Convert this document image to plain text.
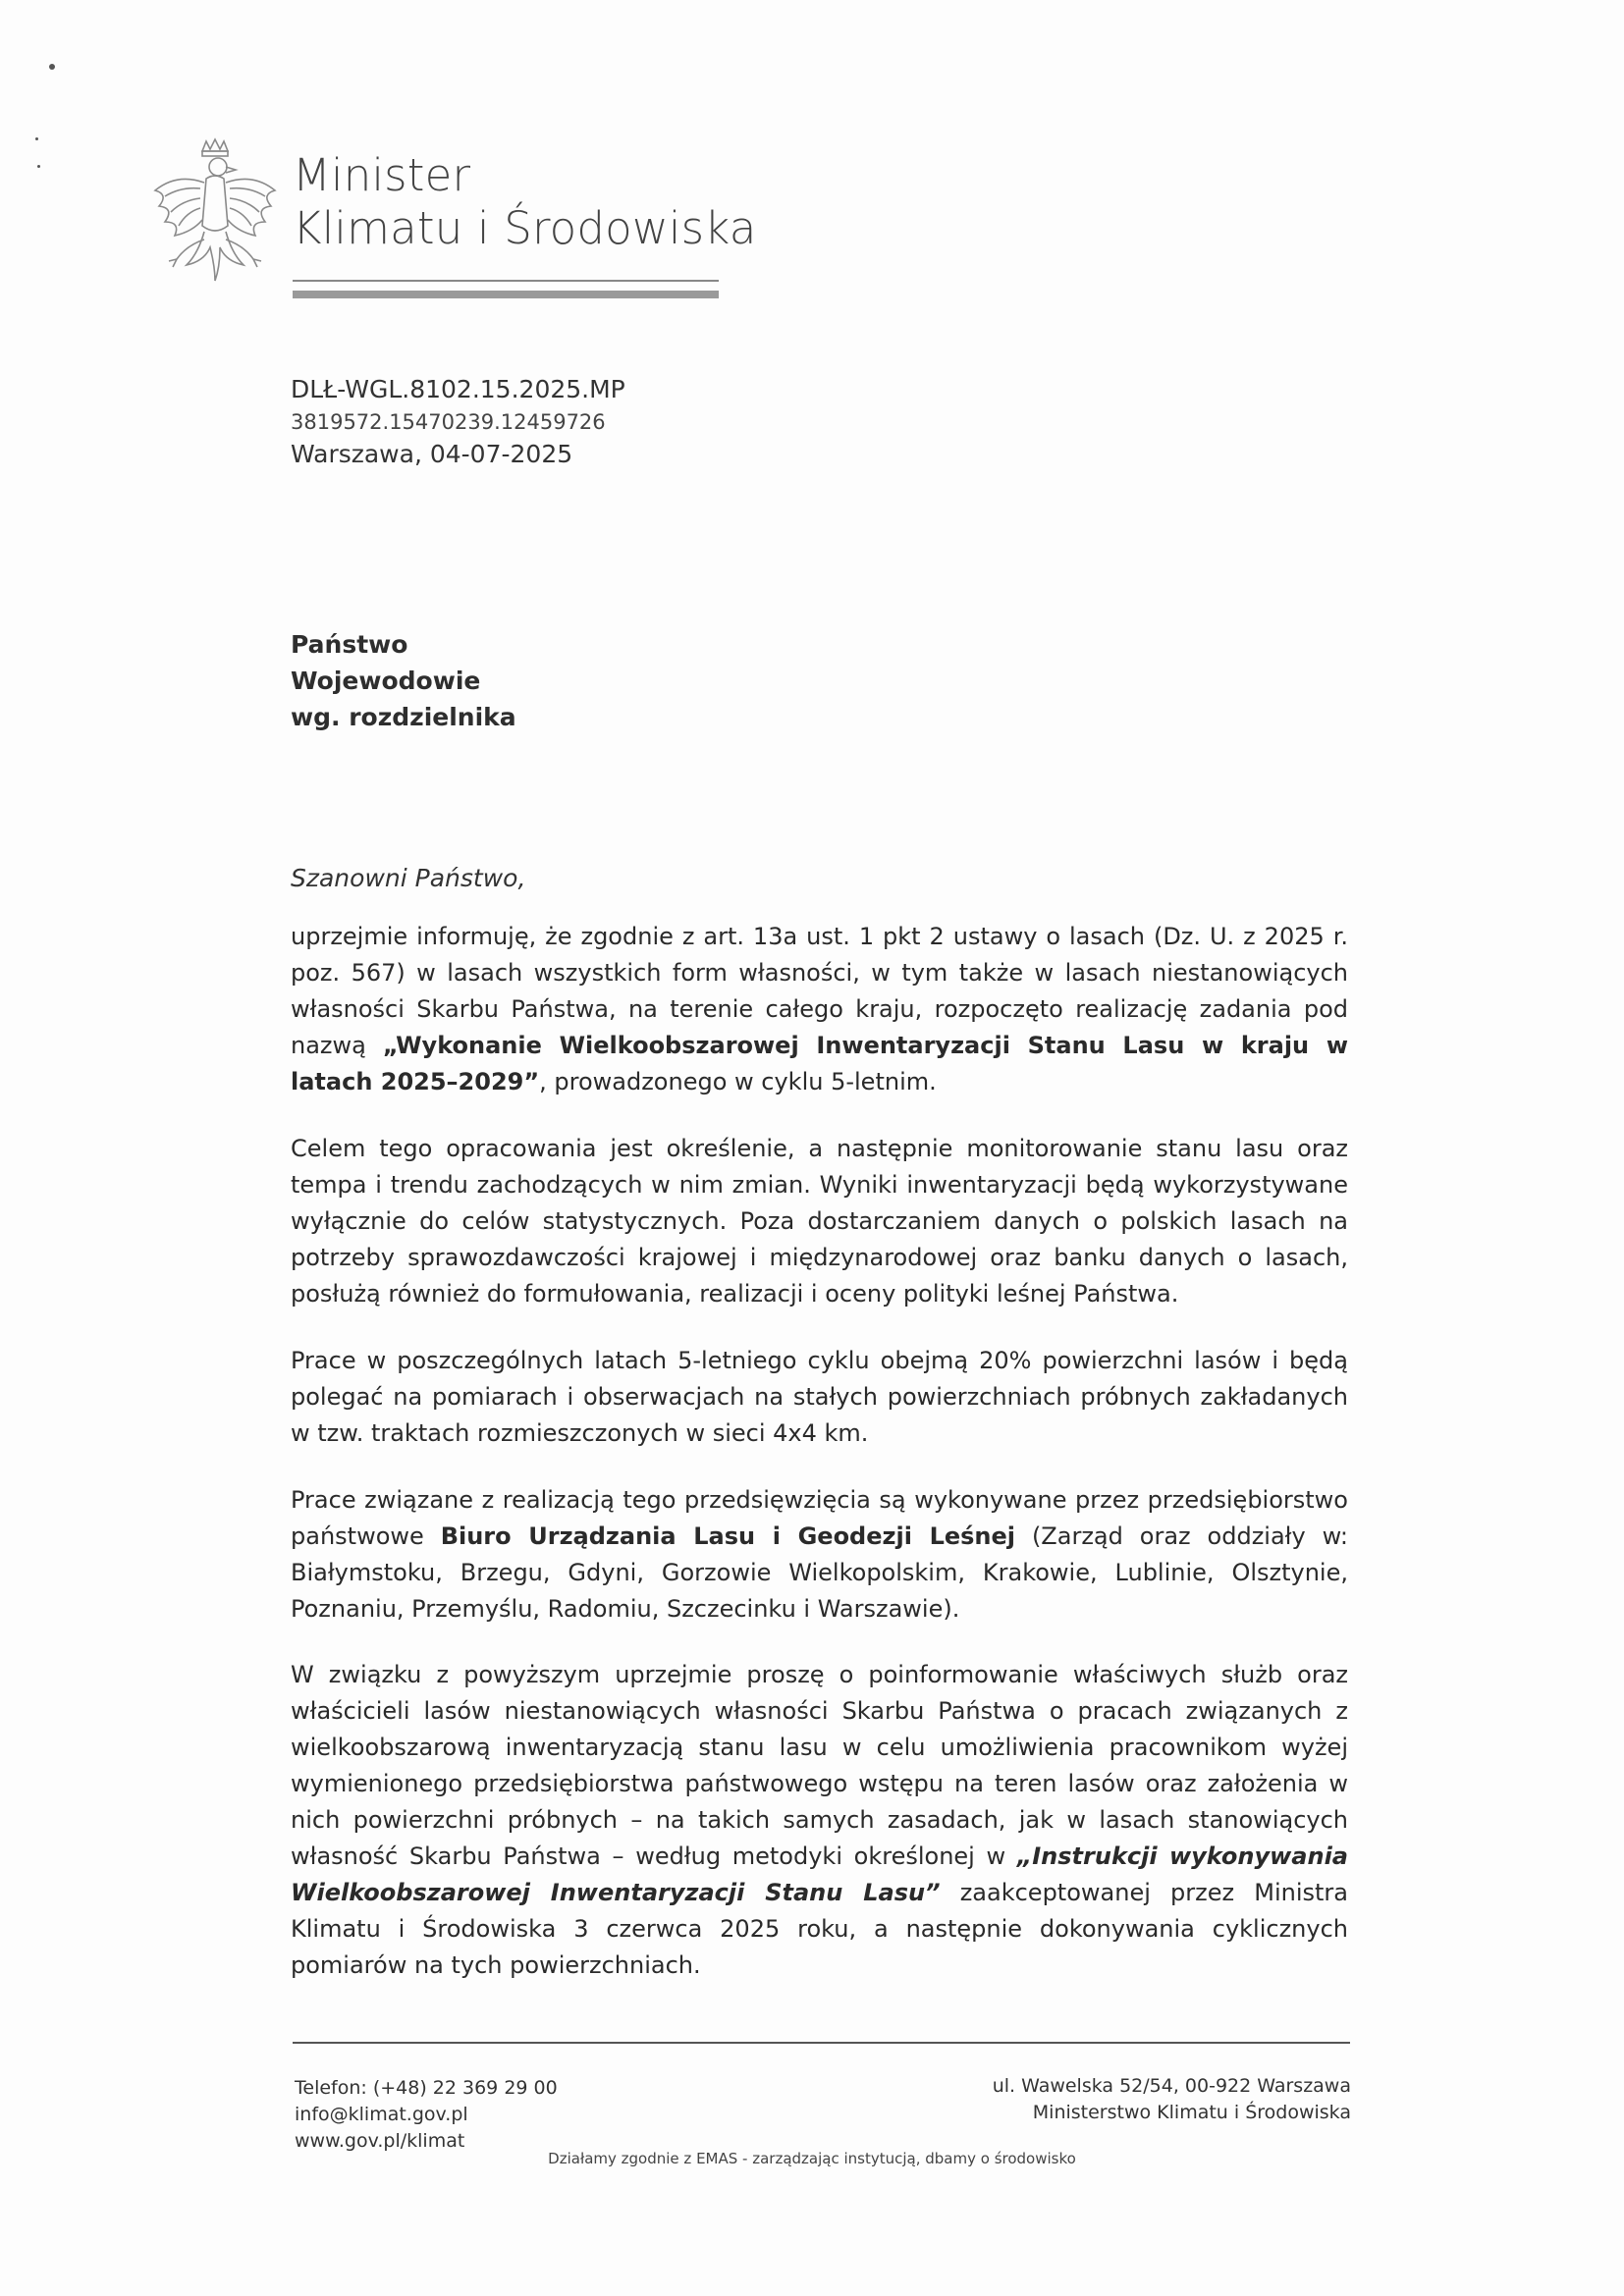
Minister
Klimatu i Środowiska
DLŁ-WGL.8102.15.2025.MP
3819572.15470239.12459726
Warszawa, 04-07-2025
Państwo
Wojewodowie
wg. rozdzielnika
Szanowni Państwo,
uprzejmie informuję, że zgodnie z art. 13a ust. 1 pkt 2 ustawy o lasach (Dz. U. z 2025 r. poz. 567) w lasach wszystkich form własności, w tym także w lasach niestanowiących własności Skarbu Państwa, na terenie całego kraju, rozpoczęto realizację zadania pod nazwą „Wykonanie Wielkoobszarowej Inwentaryzacji Stanu Lasu w kraju w latach 2025–2029”, prowadzonego w cyklu 5-letnim.
Celem tego opracowania jest określenie, a następnie monitorowanie stanu lasu oraz tempa i trendu zachodzących w nim zmian. Wyniki inwentaryzacji będą wykorzystywane wyłącznie do celów statystycznych. Poza dostarczaniem danych o polskich lasach na potrzeby sprawozdawczości krajowej i międzynarodowej oraz banku danych o lasach, posłużą również do formułowania, realizacji i oceny polityki leśnej Państwa.
Prace w poszczególnych latach 5-letniego cyklu obejmą 20% powierzchni lasów i będą polegać na pomiarach i obserwacjach na stałych powierzchniach próbnych zakładanych w tzw. traktach rozmieszczonych w sieci 4x4 km.
Prace związane z realizacją tego przedsięwzięcia są wykonywane przez przedsiębiorstwo państwowe Biuro Urządzania Lasu i Geodezji Leśnej (Zarząd oraz oddziały w: Białymstoku, Brzegu, Gdyni, Gorzowie Wielkopolskim, Krakowie, Lublinie, Olsztynie, Poznaniu, Przemyślu, Radomiu, Szczecinku i Warszawie).
W związku z powyższym uprzejmie proszę o poinformowanie właściwych służb oraz właścicieli lasów niestanowiących własności Skarbu Państwa o pracach związanych z wielkoobszarową inwentaryzacją stanu lasu w celu umożliwienia pracownikom wyżej wymienionego przedsiębiorstwa państwowego wstępu na teren lasów oraz założenia w nich powierzchni próbnych – na takich samych zasadach, jak w lasach stanowiących własność Skarbu Państwa – według metodyki określonej w „Instrukcji wykonywania Wielkoobszarowej Inwentaryzacji Stanu Lasu” zaakceptowanej przez Ministra Klimatu i Środowiska 3 czerwca 2025 roku, a następnie dokonywania cyklicznych pomiarów na tych powierzchniach.
Telefon: (+48) 22 369 29 00
info@klimat.gov.pl
www.gov.pl/klimat
ul. Wawelska 52/54, 00-922 Warszawa
Ministerstwo Klimatu i Środowiska
Działamy zgodnie z EMAS - zarządzając instytucją, dbamy o środowisko
